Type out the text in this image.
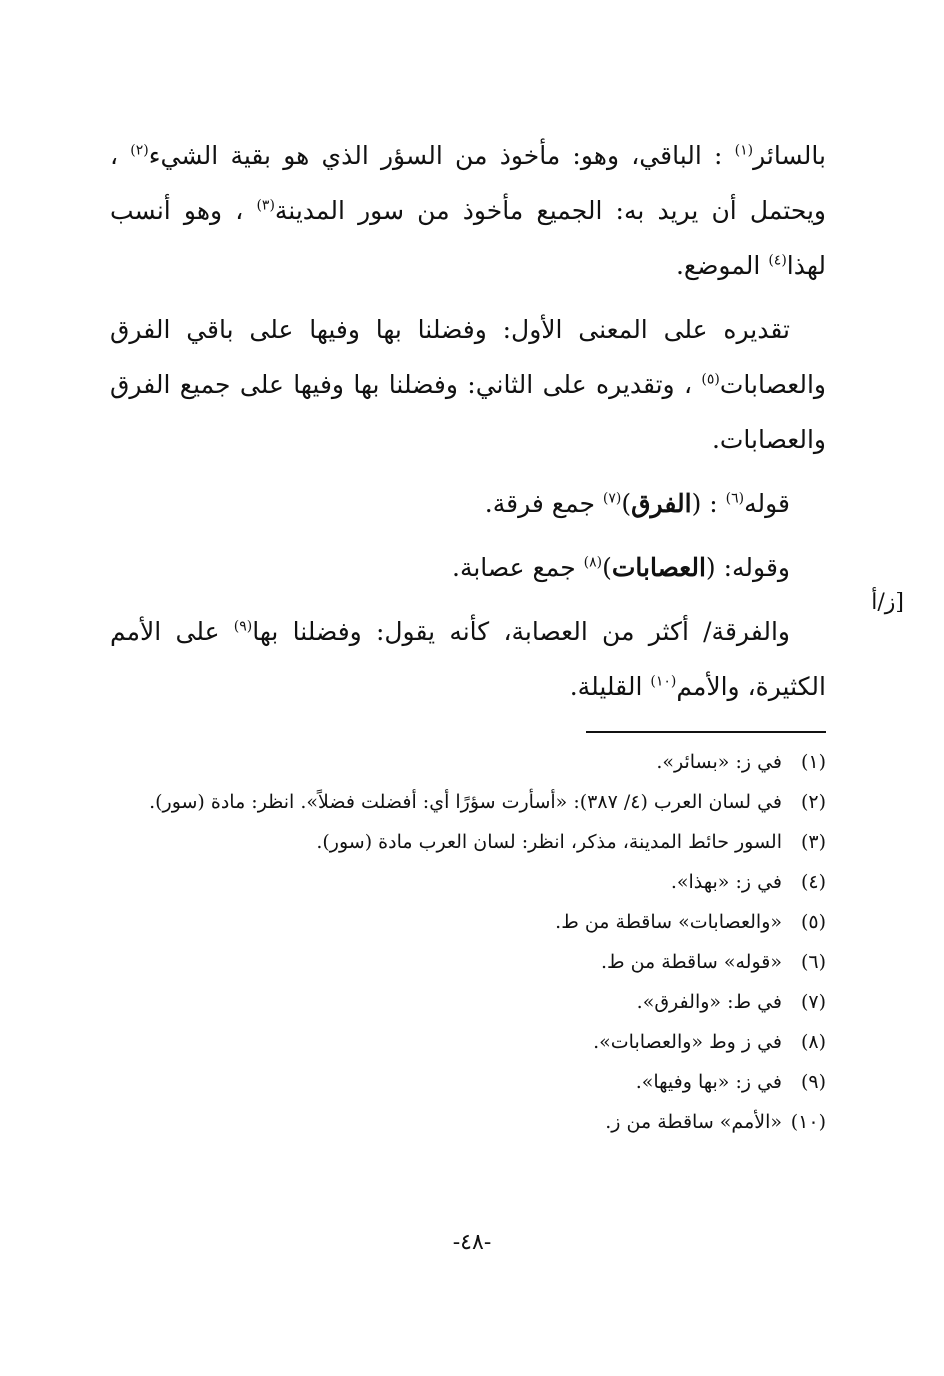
[ز/أ

بالسائر$^{(١)}$ : الباقي، وهو: مأخوذ من السؤر الذي هو بقية الشيء$^{(٢)}$ ، ويحتمل أن يريد به: الجميع مأخوذ من سور المدينة$^{(٣)}$ ، وهو أنسب لهذا$^{(٤)}$ الموضع.

تقديره على المعنى الأول: وفضلنا بها وفيها على باقي الفرق والعصابات$^{(٥)}$ ، وتقديره على الثاني: وفضلنا بها وفيها على جميع الفرق والعصابات.

قوله$^{(٦)}$ : (الفرق)$^{(٧)}$ جمع فرقة.

وقوله: (العصابات)$^{(٨)}$ جمع عصابة.

والفرقة/ أكثر من العصابة، كأنه يقول: وفضلنا بها$^{(٩)}$ على الأمم الكثيرة، والأمم$^{(١٠)}$ القليلة.

(١)
في ز: «بسائر».
(٢)
في لسان العرب (٤/ ٣٨٧): «أسأرت سؤرًا أي: أفضلت فضلاً». انظر: مادة (سور).
(٣)
السور حائط المدينة، مذكر، انظر: لسان العرب مادة (سور).
(٤)
في ز: «بهذا».
(٥)
«والعصابات» ساقطة من ط.
(٦)
«قوله» ساقطة من ط.
(٧)
في ط: «والفرق».
(٨)
في ز وط «والعصابات».
(٩)
في ز: «بها وفيها».
(١٠)
«الأمم» ساقطة من ز.
-٤٨-
